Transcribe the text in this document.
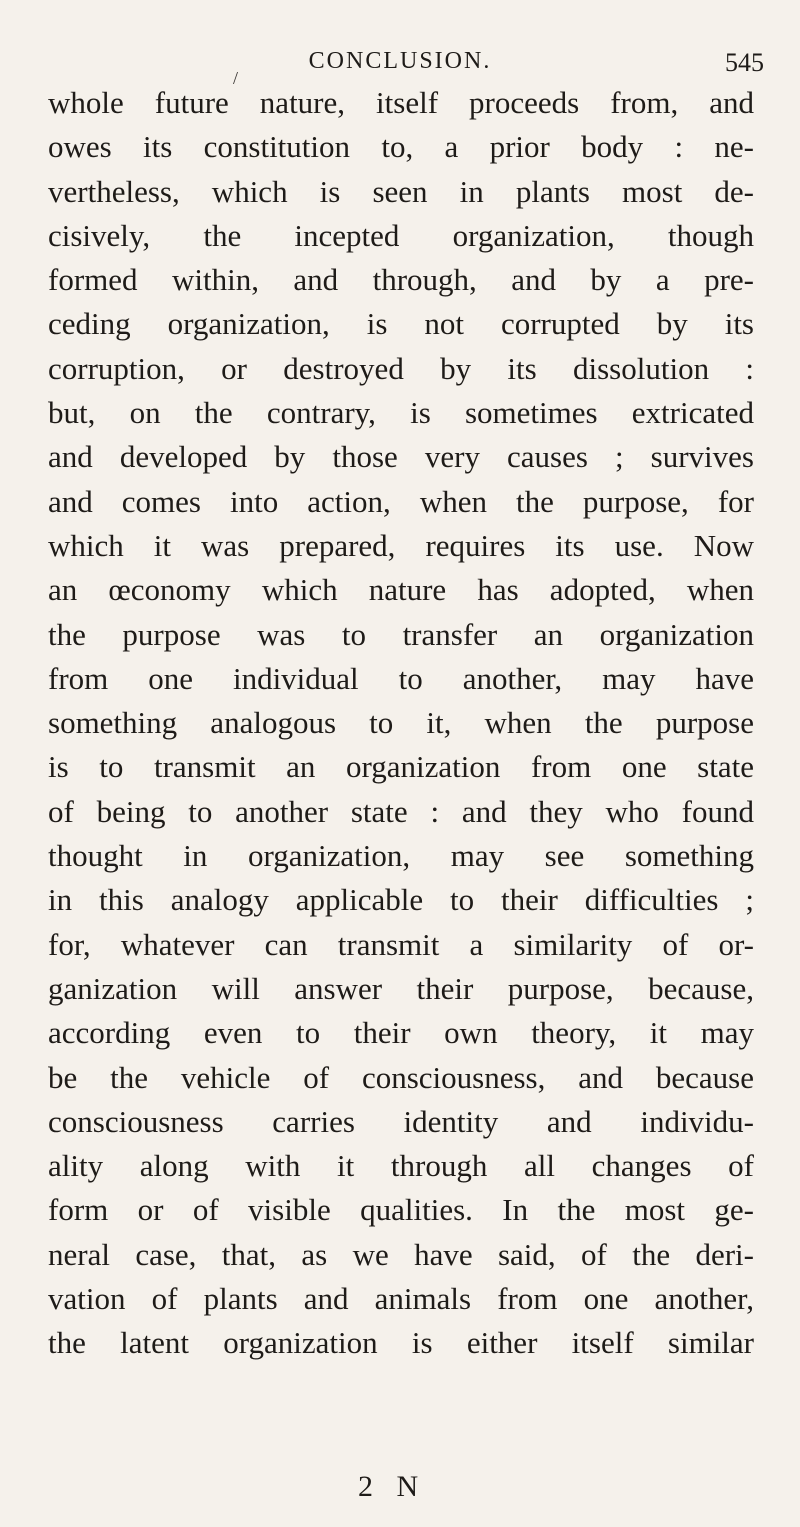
CONCLUSION.	545
/
whole future nature, itself proceeds from, and
owes its constitution to, a prior body : ne-
vertheless, which is seen in plants most de-
cisively, the incepted organization, though
formed within, and through, and by a pre-
ceding organization, is not corrupted by its
corruption, or destroyed by its dissolution :
but, on the contrary, is sometimes extricated
and developed by those very causes ; survives
and comes into action, when the purpose, for
which it was prepared, requires its use. Now
an œconomy which nature has adopted, when
the purpose was to transfer an organization
from one individual to another, may have
something analogous to it, when the purpose
is to transmit an organization from one state
of being to another state : and they who found
thought in organization, may see something
in this analogy applicable to their difficulties ;
for, whatever can transmit a similarity of or-
ganization will answer their purpose, because,
according even to their own theory, it may
be the vehicle of consciousness, and because
consciousness carries identity and individu-
ality along with it through all changes of
form or of visible qualities. In the most ge-
neral case, that, as we have said, of the deri-
vation of plants and animals from one another,
the latent organization is either itself similar
2 N
